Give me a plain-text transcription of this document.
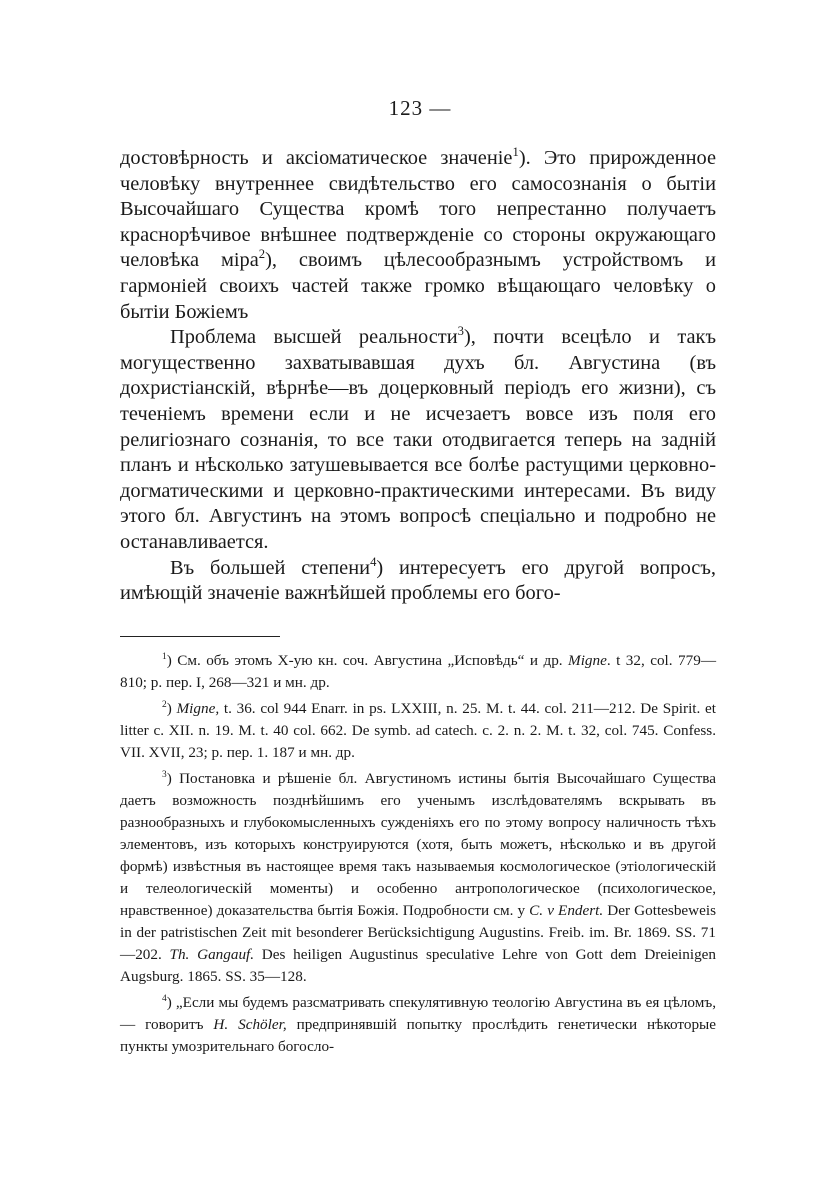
123 —

достовѣрность и аксіоматическое значеніе$^1$). Это прирожденное человѣку внутреннее свидѣтельство его самосознанія о бытіи Высочайшаго Существа кромѣ того непрестанно получаетъ краснорѣчивое внѣшнее подтвержденіе со стороны окружающаго человѣка міра$^2$), своимъ цѣлесообразнымъ устройствомъ и гармоніей своихъ частей также громко вѣщающаго человѣку о бытіи Божіемъ

Проблема высшей реальности$^3$), почти всецѣло и такъ могущественно захватывавшая духъ бл. Августина (въ дохристіанскій, вѣрнѣе—въ доцерковный періодъ его жизни), съ теченіемъ времени если и не исчезаетъ вовсе изъ поля его религіознаго сознанія, то все таки отодвигается теперь на задній планъ и нѣсколько затушевывается все болѣе растущими церковно-догматическими и церковно-практическими интересами. Въ виду этого бл. Августинъ на этомъ вопросѣ спеціально и подробно не останавливается.

Въ большей степени$^4$) интересуетъ его другой вопросъ, имѣющій значеніе важнѣйшей проблемы его бого-

$^1$) См. объ этомъ Х-ую кн. соч. Августина „Исповѣдь“ и др. Migne. t 32, col. 779—810; p. пер. I, 268—321 и мн. др.

$^2$) Migne, t. 36. col 944 Enarr. in ps. LXXIII, n. 25. M. t. 44. col. 211—212. De Spirit. et litter c. XII. n. 19. M. t. 40 col. 662. De symb. ad catech. c. 2. n. 2. M. t. 32, col. 745. Confess. VII. XVII, 23; р. пер. 1. 187 и мн. др.

$^3$) Постановка и рѣшеніе бл. Августиномъ истины бытія Высочайшаго Существа даетъ возможность позднѣйшимъ его ученымъ изслѣдователямъ вскрывать въ разнообразныхъ и глубокомысленныхъ сужденіяхъ его по этому вопросу наличность тѣхъ элементовъ, изъ которыхъ конструируются (хотя, быть можетъ, нѣсколько и въ другой формѣ) извѣстныя въ настоящее время такъ называемыя космологическое (этіологическій и телеологическій моменты) и особенно антропологическое (психологическое, нравственное) доказательства бытія Божія. Подробности см. у C. v Endert. Der Gottesbeweis in der patristischen Zeit mit besonderer Berücksichtigung Augustins. Freib. im. Br. 1869. SS. 71—202. Th. Gangauf. Des heiligen Augustinus speculative Lehre von Gott dem Dreieinigen Augsburg. 1865. SS. 35—128.

$^4$) „Если мы будемъ разсматривать спекулятивную теологію Августина въ ея цѣломъ, — говоритъ H. Schöler, предпринявшій попытку прослѣдить генетически нѣкоторые пункты умозрительнаго богосло-
